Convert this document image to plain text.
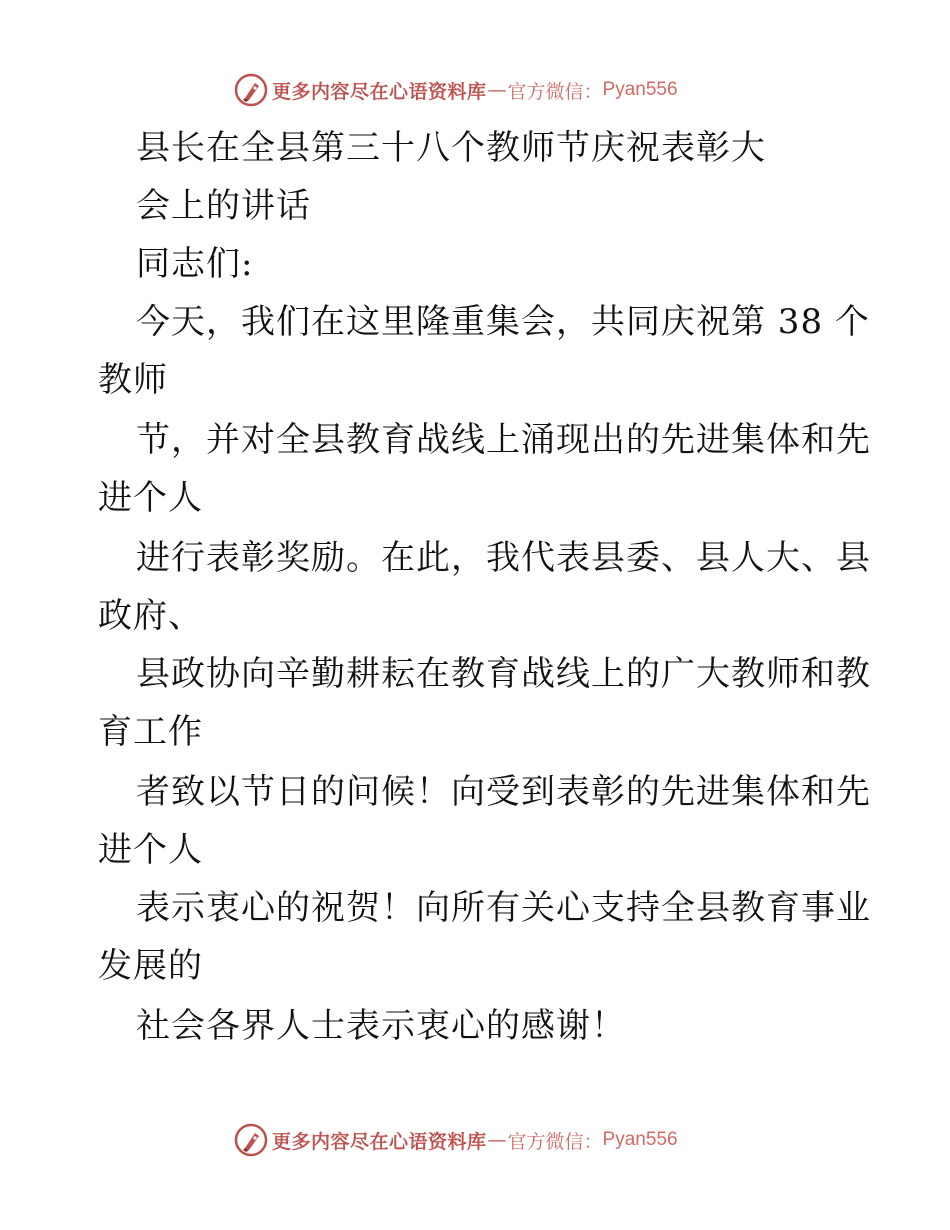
更多内容尽在心语资料库 — 官方微信： Pyan556
县长在全县第三十八个教师节庆祝表彰大
会上的讲话
同志们:
今天，我们在这里隆重集会，共同庆祝第 38 个
教师
节，并对全县教育战线上涌现出的先进集体和先
进个人
进行表彰奖励。在此，我代表县委、县人大、县
政府、
县政协向辛勤耕耘在教育战线上的广大教师和教
育工作
者致以节日的问候！向受到表彰的先进集体和先
进个人
表示衷心的祝贺！向所有关心支持全县教育事业
发展的
社会各界人士表示衷心的感谢！
更多内容尽在心语资料库 — 官方微信： Pyan556
